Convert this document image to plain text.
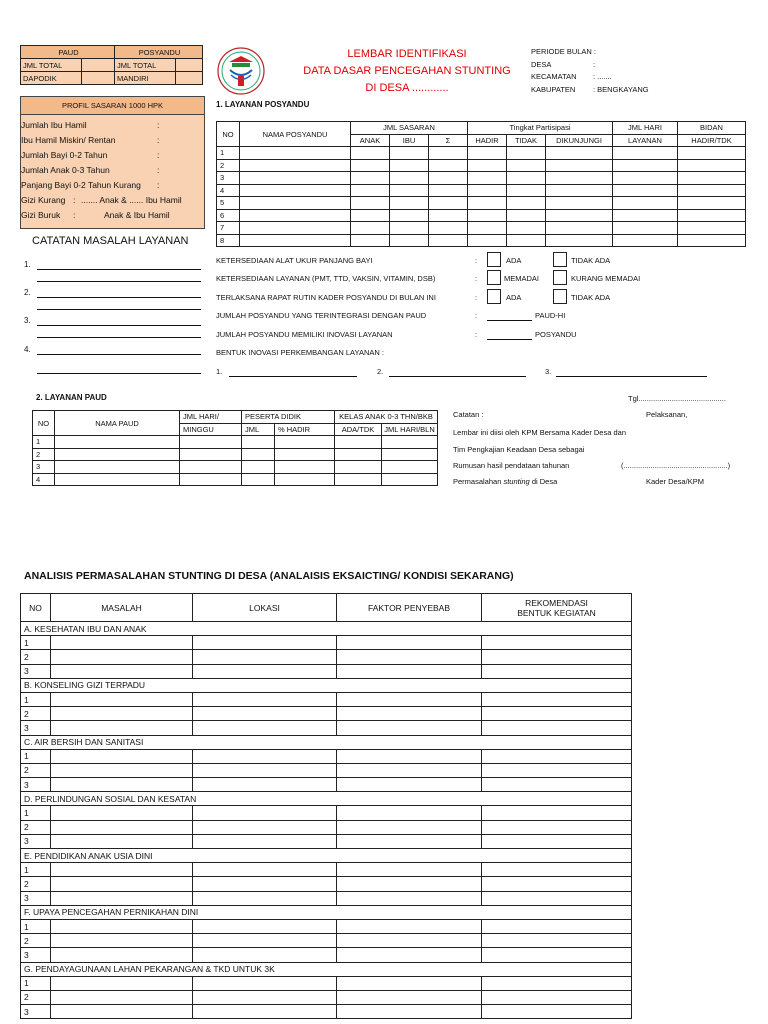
PAUD		POSYANDU	
JML TOTAL		JML TOTAL	
DAPODIK		MANDIRI	
PROFIL SASARAN 1000 HPK
Jumlah Ibu Hamil	:
Ibu Hamil Miskin/ Rentan	:
Jumlah Bayi 0-2 Tahun	:
Jumlah Anak 0-3 Tahun	:
Panjang Bayi 0-2 Tahun Kurang :
Gizi Kurang : ....... Anak & ...... Ibu Hamil
Gizi Buruk :	Anak & Ibu Hamil
CATATAN MASALAH LAYANAN
1.
2.
3.
4.
LEMBAR IDENTIFIKASI
DATA DASAR PENCEGAHAN STUNTING
DI DESA ............
PERIODE BULAN :
DESA	:
KECAMATAN : .......
KABUPATEN : BENGKAYANG
1. LAYANAN POSYANDU
NO	NAMA POSYANDU	JML SASARAN			Tingkat Partisipasi			JML HARI	BIDAN
		ANAK	IBU	Σ	HADIR	TIDAK	DIKUNJUNGI	LAYANAN	HADIR/TDK
1									
2									
3									
4									
5									
6									
7									
8									
KETERSEDIAAN ALAT UKUR PANJANG BAYI	:	ADA	TIDAK ADA
KETERSEDIAAN LAYANAN (PMT, TTD, VAKSIN, VITAMIN, DSB)	:	MEMADAI	KURANG MEMADAI
TERLAKSANA RAPAT RUTIN KADER POSYANDU DI BULAN INI	:	ADA	TIDAK ADA
JUMLAH POSYANDU YANG TERINTEGRASI DENGAN PAUD	:	PAUD-HI
JUMLAH POSYANDU MEMILIKI INOVASI LAYANAN	:	POSYANDU
BENTUK INOVASI PERKEMBANGAN LAYANAN :
1.	2.	3.
2. LAYANAN PAUD
NO	NAMA PAUD	JML HARI/	PESERTA DIDIK		KELAS ANAK 0-3 THN/BKB	
		MINGGU	JML	% HADIR	ADA/TDK	JML HARI/BLN
1						
2						
3						
4						
Tgl..........................................
Catatan :	Pelaksanan,
Lembar ini diisi oleh KPM Bersama Kader Desa dan
Tim Pengkajian Keadaan Desa sebagai
Rumusan hasil pendataan tahunan	(..................................................)
Permasalahan stunting di Desa	Kader Desa/KPM
ANALISIS PERMASALAHAN STUNTING DI DESA (ANALAISIS EKSAICTING/ KONDISI SEKARANG)
NO	MASALAH	LOKASI	FAKTOR PENYEBAB	REKOMENDASI
BENTUK KEGIATAN

A. KESEHATAN IBU DAN ANAK				
1				
2				
3				
B. KONSELING GIZI TERPADU				
1				
2				
3				
C. AIR BERSIH DAN SANITASI				
1				
2				
3				
D. PERLINDUNGAN SOSIAL DAN KESATAN				
1				
2				
3				
E. PENDIDIKAN ANAK USIA DINI				
1				
2				
3				
F. UPAYA PENCEGAHAN PERNIKAHAN DINI				
1				
2				
3				
G. PENDAYAGUNAAN LAHAN PEKARANGAN & TKD UNTUK 3K				
1				
2				
3				
